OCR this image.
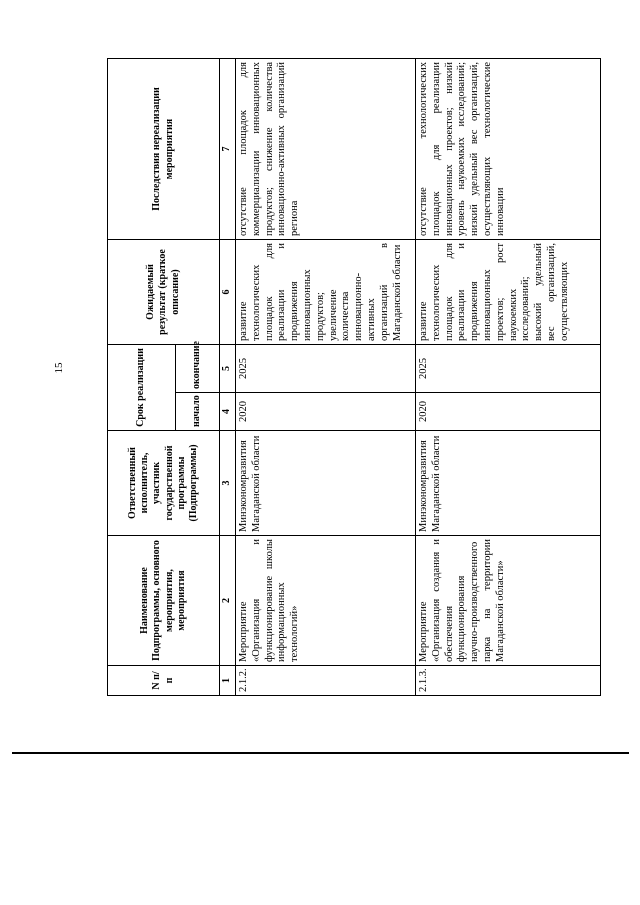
15
N п/п	Наименование Подпрограммы, основного мероприятия, мероприятия	Ответственный исполнитель, участник государственной программы (Подпрограммы)	Срок реализации		Ожидаемый результат (краткое описание)	Последствия нереализации мероприятия
			начало	окончание		
1	2	3	4	5	6	7
2.1.2.	Мероприятие «Организация и функционирование школы информационных технологий»	Минэкономразвития Магаданской области	2020	2025	развитие технологических площадок для реализации и продвижения инновационных продуктов; увеличение количества инновационно-активных организаций в Магаданской области	отсутствие площадок для коммерциализации инновационных продуктов; снижение количества инновационно-активных организаций региона
2.1.3.	Мероприятие «Организация создания и обеспечения функционирования научно-производственного парка на территории Магаданской области»	Минэкономразвития Магаданской области	2020	2025	развитие технологических площадок для реализации и продвижения инновационных проектов; рост наукоемких исследований; высокий удельный вес организаций, осуществляющих	отсутствие технологических площадок для реализации инновационных проектов; низкий уровень наукоемких исследований; низкий удельный вес организаций, осуществляющих технологические инновации
